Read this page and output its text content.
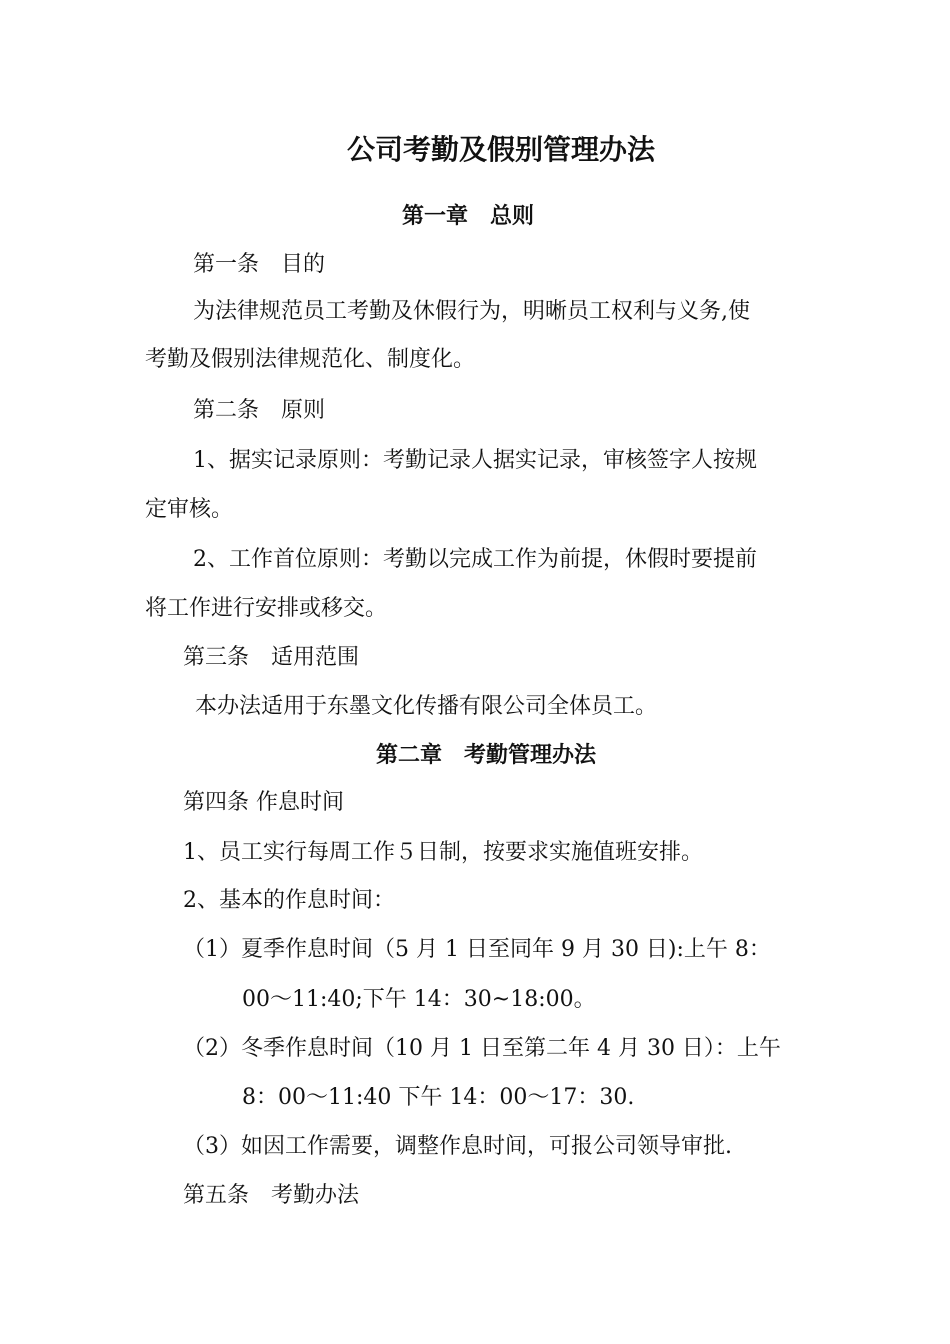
公司考勤及假别管理办法
第一章　总则
第一条　目的
为法律规范员工考勤及休假行为，明晰员工权利与义务,使
考勤及假别法律规范化、制度化。
第二条　原则
1、据实记录原则：考勤记录人据实记录，审核签字人按规
定审核。
2、工作首位原则：考勤以完成工作为前提，休假时要提前
将工作进行安排或移交。
第三条　适用范围
本办法适用于东墨文化传播有限公司全体员工。
第二章　考勤管理办法
第四条 作息时间
1、员工实行每周工作５日制，按要求实施值班安排。
2、基本的作息时间：
（1）夏季作息时间（5 月 1 日至同年 9 月 30 日):上午 8：
00～11:40;下午 14：30~18:00。
（2）冬季作息时间（10 月 1 日至第二年 4 月 30 日）：上午
8：00～11:40 下午 14：00～17：30.
（3）如因工作需要，调整作息时间，可报公司领导审批.
第五条　考勤办法
